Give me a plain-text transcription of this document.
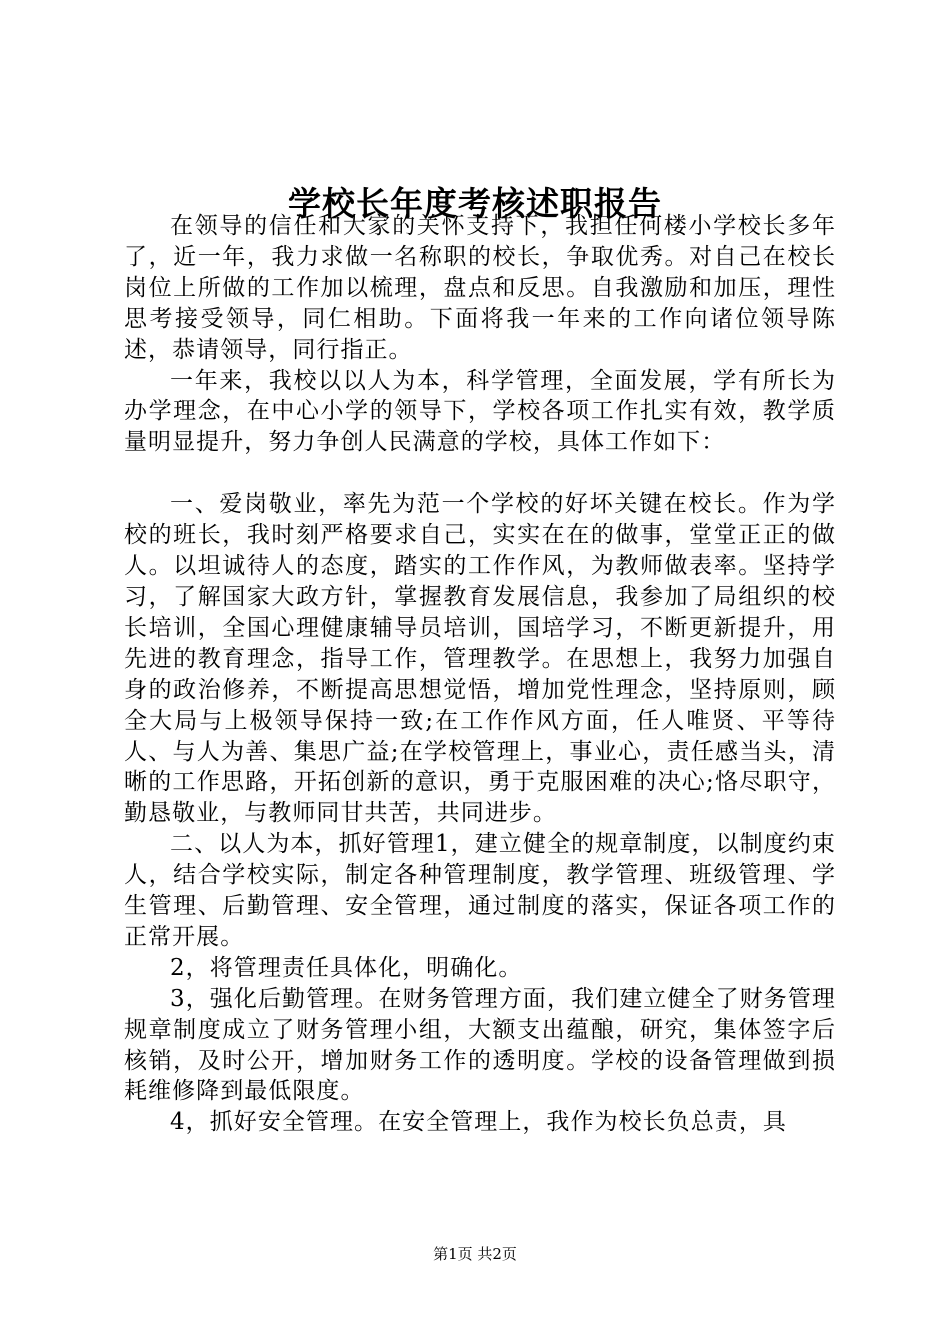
学校长年度考核述职报告

在领导的信任和大家的关怀支持下，我担任何楼小学校长多年了，近一年，我力求做一名称职的校长，争取优秀。对自己在校长岗位上所做的工作加以梳理，盘点和反思。自我激励和加压，理性思考接受领导，同仁相助。下面将我一年来的工作向诸位领导陈述，恭请领导，同行指正。

一年来，我校以以人为本，科学管理，全面发展，学有所长为办学理念，在中心小学的领导下，学校各项工作扎实有效，教学质量明显提升，努力争创人民满意的学校，具体工作如下：

一、爱岗敬业，率先为范一个学校的好坏关键在校长。作为学校的班长，我时刻严格要求自己，实实在在的做事，堂堂正正的做人。以坦诚待人的态度，踏实的工作作风，为教师做表率。坚持学习，了解国家大政方针，掌握教育发展信息，我参加了局组织的校长培训，全国心理健康辅导员培训，国培学习，不断更新提升，用先进的教育理念，指导工作，管理教学。在思想上，我努力加强自身的政治修养，不断提高思想觉悟，增加党性理念，坚持原则，顾全大局与上极领导保持一致;在工作作风方面，任人唯贤、平等待人、与人为善、集思广益;在学校管理上，事业心，责任感当头，清晰的工作思路，开拓创新的意识，勇于克服困难的决心;恪尽职守，勤恳敬业，与教师同甘共苦，共同进步。

二、以人为本，抓好管理1，建立健全的规章制度，以制度约束人，结合学校实际，制定各种管理制度，教学管理、班级管理、学生管理、后勤管理、安全管理，通过制度的落实，保证各项工作的正常开展。

2，将管理责任具体化，明确化。

3，强化后勤管理。在财务管理方面，我们建立健全了财务管理规章制度成立了财务管理小组，大额支出蕴酿，研究，集体签字后核销，及时公开，增加财务工作的透明度。学校的设备管理做到损耗维修降到最低限度。

4，抓好安全管理。在安全管理上，我作为校长负总责，具

第1页 共2页
